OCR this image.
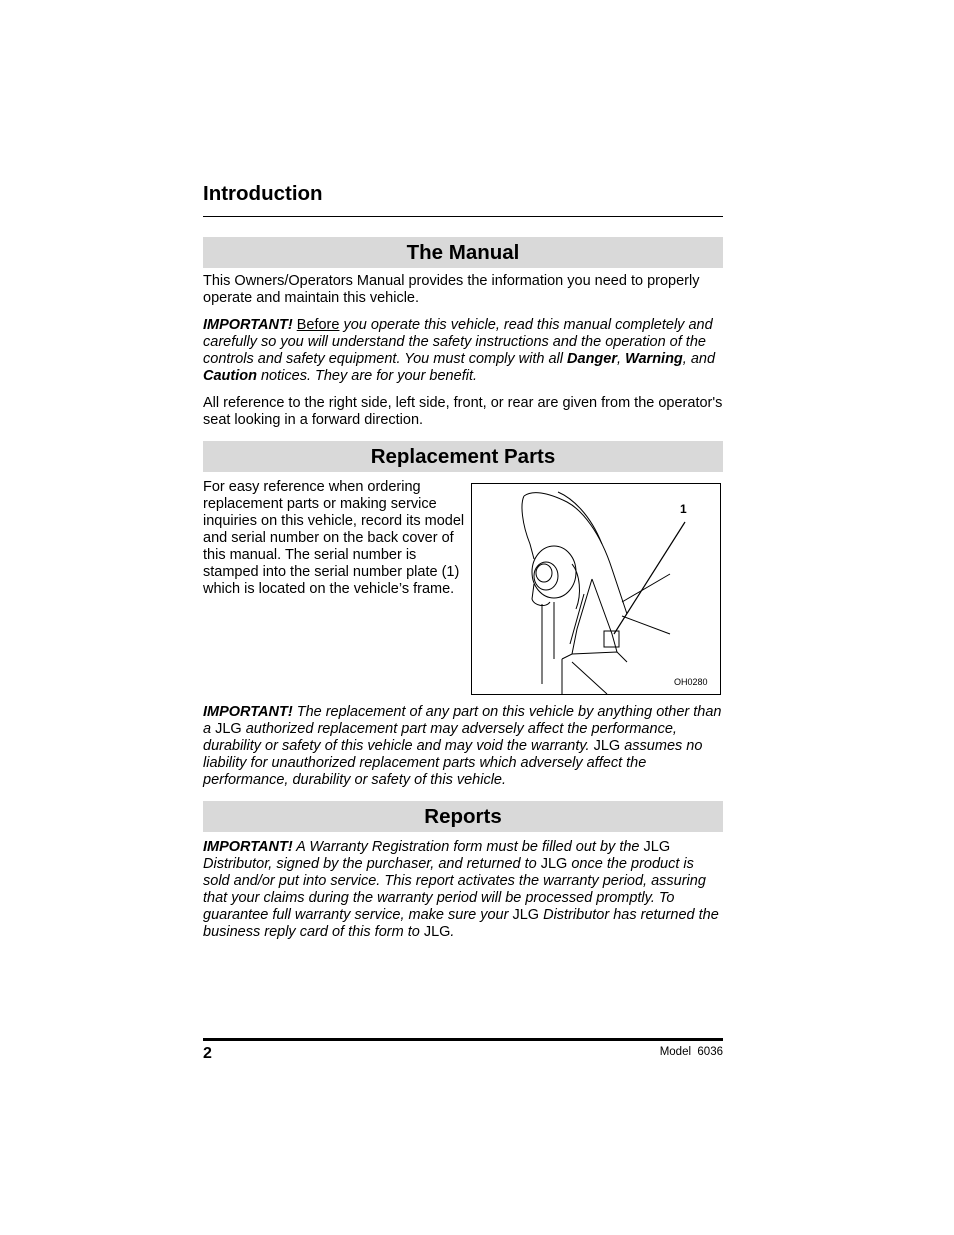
Introduction
The Manual

This Owners/Operators Manual provides the information you need to properly operate and maintain this vehicle.

IMPORTANT! Before you operate this vehicle, read this manual completely and carefully so you will understand the safety instructions and the operation of the controls and safety equipment. You must comply with all Danger, Warning, and Caution notices. They are for your benefit.

All reference to the right side, left side, front, or rear are given from the operator's seat looking in a forward direction.

Replacement Parts

For easy reference when ordering replacement parts or making service inquiries on this vehicle, record its model and serial number on the back cover of this manual. The serial number is stamped into the serial number plate (1) which is located on the vehicle’s frame.

1
OH0280

IMPORTANT! The replacement of any part on this vehicle by anything other than a JLG authorized replacement part may adversely affect the performance, durability or safety of this vehicle and may void the warranty. JLG assumes no liability for unauthorized replacement parts which adversely affect the performance, durability or safety of this vehicle.

Reports

IMPORTANT! A Warranty Registration form must be filled out by the JLG Distributor, signed by the purchaser, and returned to JLG once the product is sold and/or put into service. This report activates the warranty period, assuring that your claims during the warranty period will be processed promptly. To guarantee full warranty service, make sure your JLG Distributor has returned the business reply card of this form to JLG.

2	Model  6036
